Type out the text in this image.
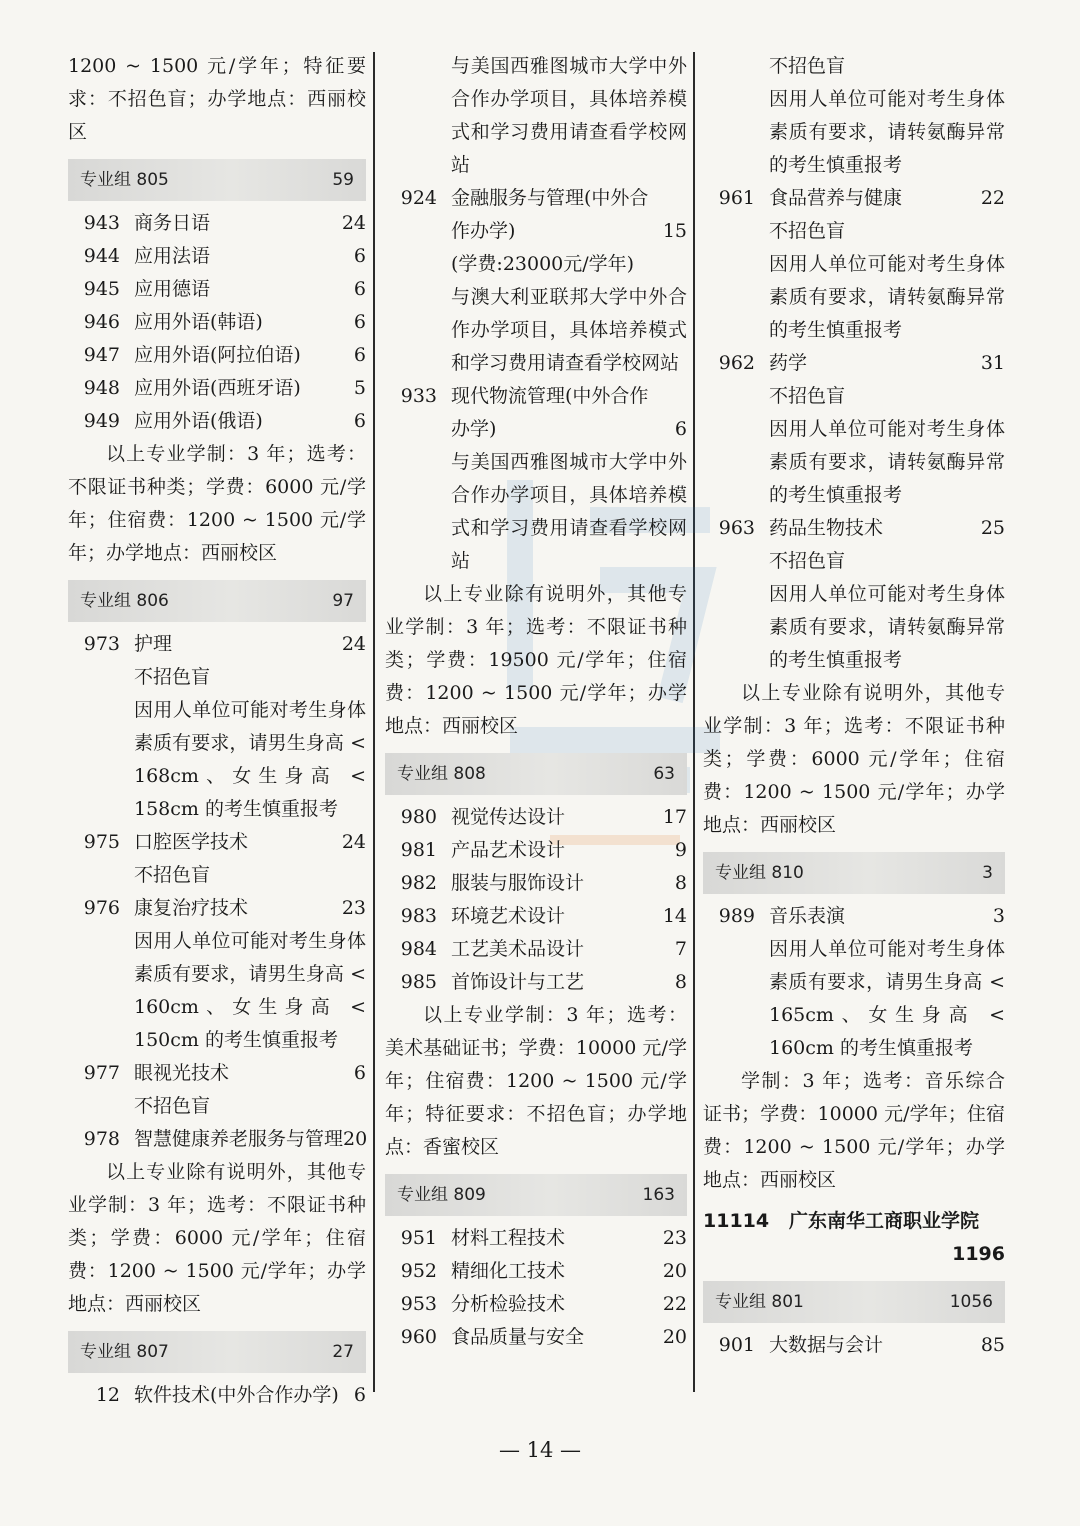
1200 ~ 1500 元/学年；特征要求：不招色盲；办学地点：西丽校区

专业组 805	59
943 商务日语	24
944 应用法语	6
945 应用德语	6
946 应用外语(韩语)	6
947 应用外语(阿拉伯语)	6
948 应用外语(西班牙语)	5
949 应用外语(俄语)	6

以上专业学制：3 年；选考：不限证书种类；学费：6000 元/学年；住宿费：1200 ~ 1500 元/学年；办学地点：西丽校区

专业组 806	97
973 护理	24
不招色盲
因用人单位可能对考生身体素质有要求，请男生身高 < 168cm、女生身高 < 158cm 的考生慎重报考
975 口腔医学技术	24
不招色盲
976 康复治疗技术	23
因用人单位可能对考生身体素质有要求，请男生身高 < 160cm、女生身高 < 150cm 的考生慎重报考
977 眼视光技术	6
不招色盲
978 智慧健康养老服务与管理 20

以上专业除有说明外，其他专业学制：3 年；选考：不限证书种类；学费：6000 元/学年；住宿费：1200 ~ 1500 元/学年；办学地点：西丽校区

专业组 807	27
12 软件技术(中外合作办学) 6
与美国西雅图城市大学中外合作办学项目，具体培养模式和学习费用请查看学校网站
924 金融服务与管理(中外合作办学)	15
(学费:23000元/学年)
与澳大利亚联邦大学中外合作办学项目，具体培养模式和学习费用请查看学校网站
933 现代物流管理(中外合作办学)	6
与美国西雅图城市大学中外合作办学项目，具体培养模式和学习费用请查看学校网站

以上专业除有说明外，其他专业学制：3 年；选考：不限证书种类；学费：19500 元/学年；住宿费：1200 ~ 1500 元/学年；办学地点：西丽校区

专业组 808	63
980 视觉传达设计	17
981 产品艺术设计	9
982 服装与服饰设计	8
983 环境艺术设计	14
984 工艺美术品设计	7
985 首饰设计与工艺	8

以上专业学制：3 年；选考：美术基础证书；学费：10000 元/学年；住宿费：1200 ~ 1500 元/学年；特征要求：不招色盲；办学地点：香蜜校区

专业组 809	163
951 材料工程技术	23
952 精细化工技术	20
953 分析检验技术	22
960 食品质量与安全	20
不招色盲
因用人单位可能对考生身体素质有要求，请转氨酶异常的考生慎重报考
961 食品营养与健康	22
不招色盲
因用人单位可能对考生身体素质有要求，请转氨酶异常的考生慎重报考
962 药学	31
不招色盲
因用人单位可能对考生身体素质有要求，请转氨酶异常的考生慎重报考
963 药品生物技术	25
不招色盲
因用人单位可能对考生身体素质有要求，请转氨酶异常的考生慎重报考

以上专业除有说明外，其他专业学制：3 年；选考：不限证书种类；学费：6000 元/学年；住宿费：1200 ~ 1500 元/学年；办学地点：西丽校区

专业组 810	3
989 音乐表演	3
因用人单位可能对考生身体素质有要求，请男生身高 < 165cm、女生身高 < 160cm 的考生慎重报考

学制：3 年；选考：音乐综合证书；学费：10000 元/学年；住宿费：1200 ~ 1500 元/学年；办学地点：西丽校区

11114 广东南华工商职业学院
1196
专业组 801	1056
901 大数据与会计	85
— 14 —
